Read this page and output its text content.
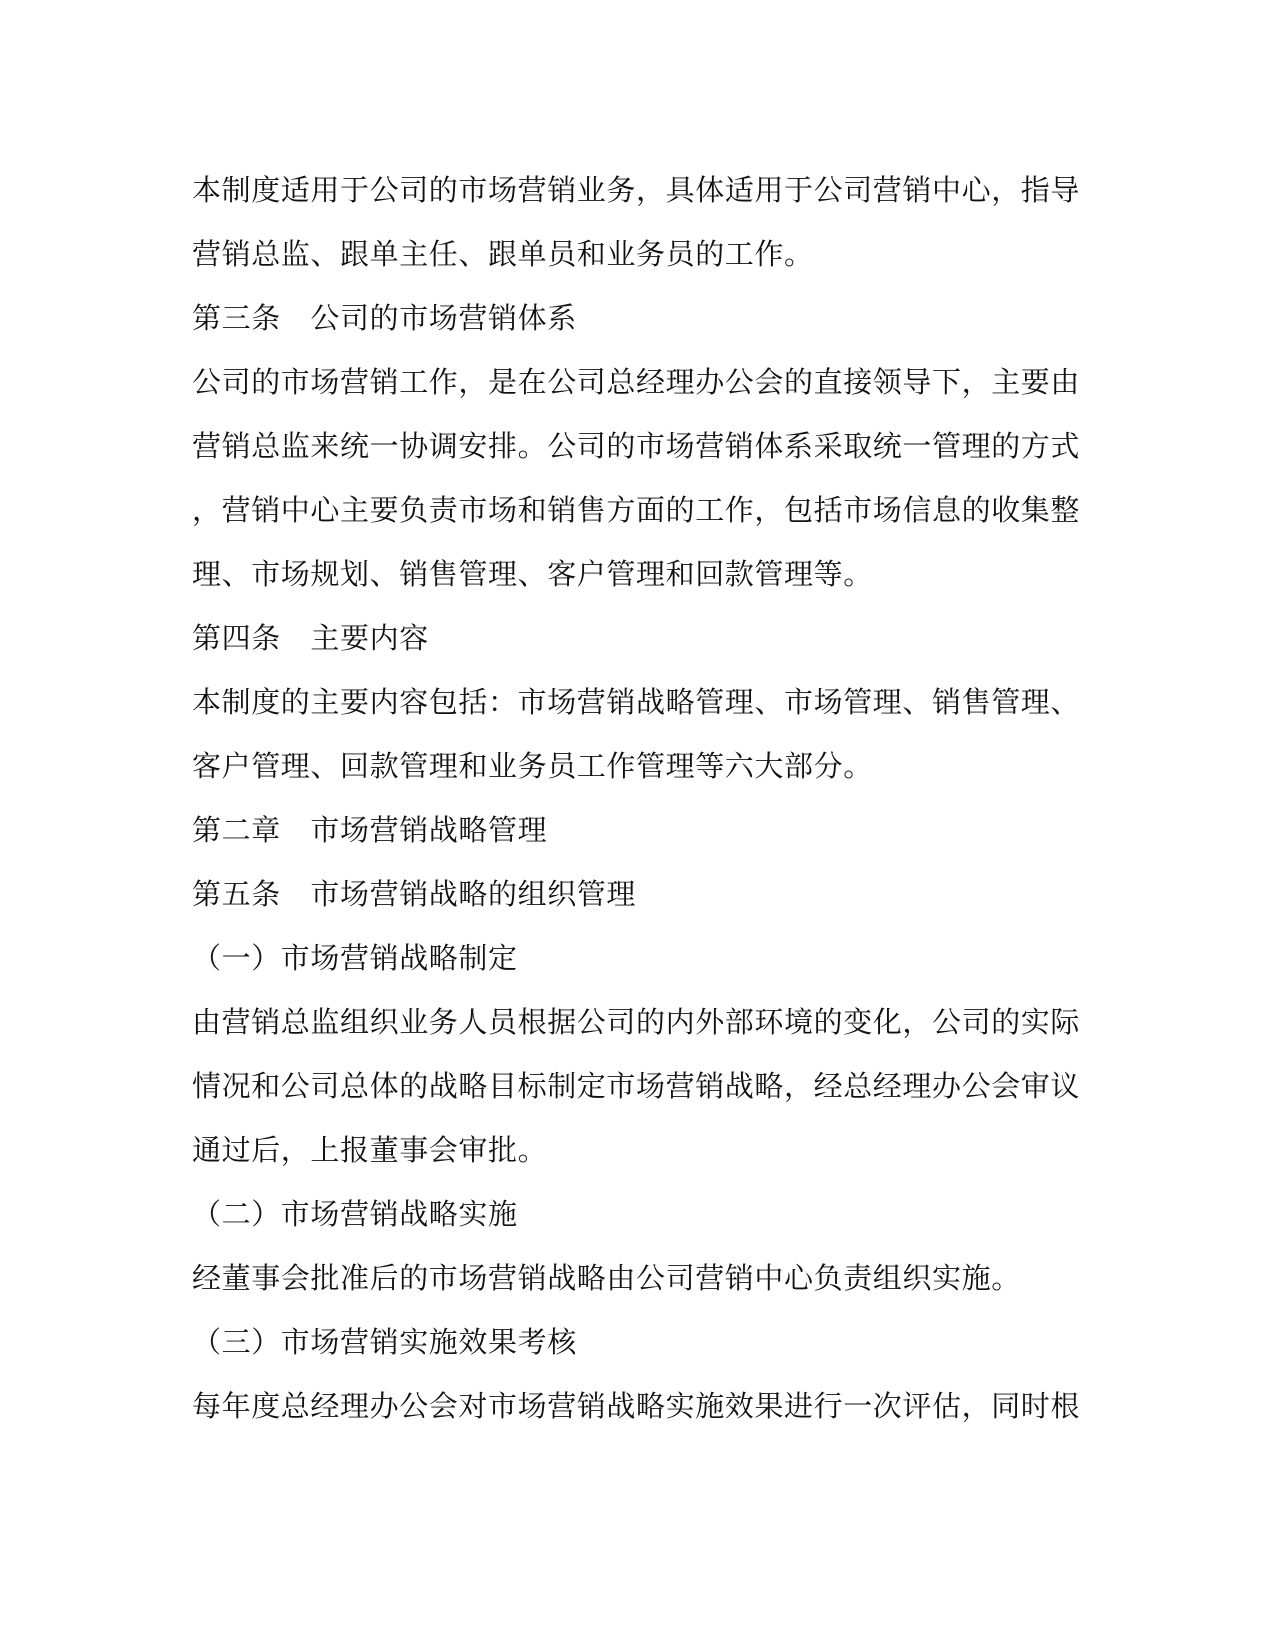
本制度适用于公司的市场营销业务，具体适用于公司营销中心，指导
营销总监、跟单主任、跟单员和业务员的工作。
第三条　公司的市场营销体系
公司的市场营销工作，是在公司总经理办公会的直接领导下，主要由
营销总监来统一协调安排。公司的市场营销体系采取统一管理的方式
，营销中心主要负责市场和销售方面的工作，包括市场信息的收集整
理、市场规划、销售管理、客户管理和回款管理等。
第四条　主要内容
本制度的主要内容包括：市场营销战略管理、市场管理、销售管理、
客户管理、回款管理和业务员工作管理等六大部分。
第二章　市场营销战略管理
第五条　市场营销战略的组织管理
（一）市场营销战略制定
由营销总监组织业务人员根据公司的内外部环境的变化，公司的实际
情况和公司总体的战略目标制定市场营销战略，经总经理办公会审议
通过后，上报董事会审批。
（二）市场营销战略实施
经董事会批准后的市场营销战略由公司营销中心负责组织实施。
（三）市场营销实施效果考核
每年度总经理办公会对市场营销战略实施效果进行一次评估，同时根
